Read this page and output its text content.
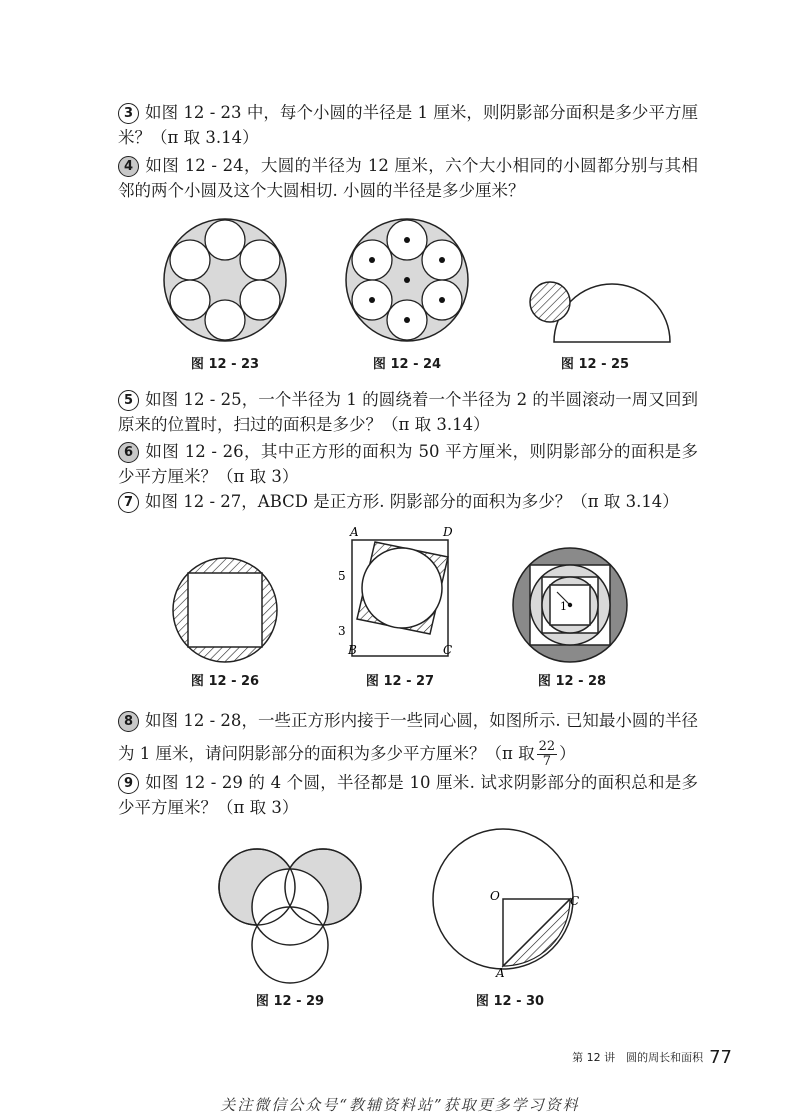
3 如图 12 - 23 中，每个小圆的半径是 1 厘米，则阴影部分面积是多少平方厘米？（π 取 3.14）
4 如图 12 - 24，大圆的半径为 12 厘米，六个大小相同的小圆都分别与其相邻的两个小圆及这个大圆相切. 小圆的半径是多少厘米？
图 12 - 23	图 12 - 24	图 12 - 25
5 如图 12 - 25，一个半径为 1 的圆绕着一个半径为 2 的半圆滚动一周又回到原来的位置时，扫过的面积是多少？（π 取 3.14）
6 如图 12 - 26，其中正方形的面积为 50 平方厘米，则阴影部分的面积是多少平方厘米？（π 取 3）
7 如图 12 - 27，ABCD 是正方形. 阴影部分的面积为多少？（π 取 3.14）
图 12 - 26
A	D
B	C
5
3
图 12 - 27
1
图 12 - 28
8 如图 12 - 28，一些正方形内接于一些同心圆，如图所示. 已知最小圆的半径为 1 厘米，请问阴影部分的面积为多少平方厘米？（π 取 $\frac{22}{7}$ ）
9 如图 12 - 29 的 4 个圆，半径都是 10 厘米. 试求阴影部分的面积总和是多少平方厘米？（π 取 3）
图 12 - 29
O	C
A
图 12 - 30
第 12 讲　圆的周长和面积 77
关注微信公众号“教辅资料站”获取更多学习资料
